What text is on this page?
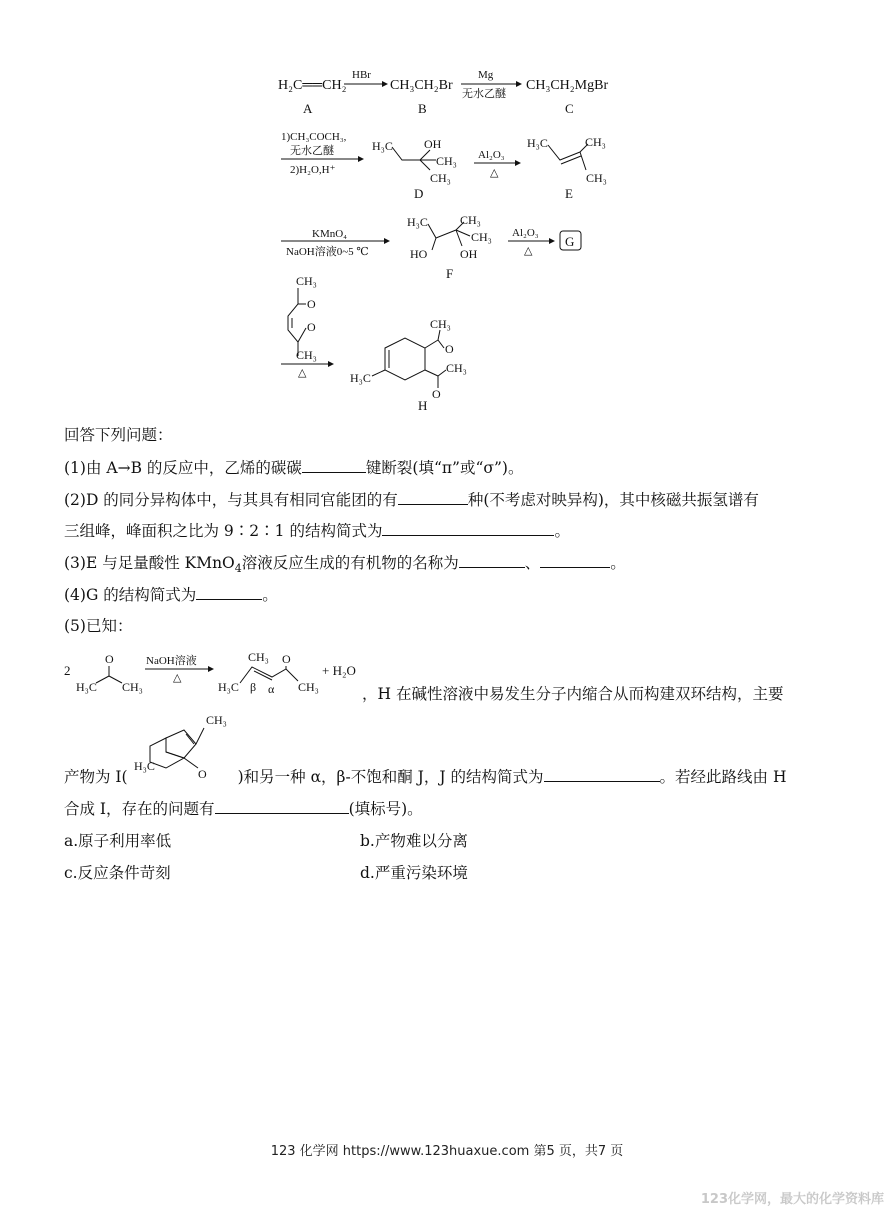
H₂C══CH₂
A
HBr
CH₃CH₂Br
B
Mg
无水乙醚
CH₃CH₂MgBr
C
1)CH₃COCH₃,
无水乙醚
2)H₂O,H⁺
H₃C	OH
CH₃
CH₃
D
Al₂O₃
△
H₃C	CH₃
CH₃
E
KMnO₄
NaOH溶液0~5 ℃
H₃C	CH₃
CH₃
HO	OH
F
Al₂O₃
△
G
CH₃
O
O
CH₃
△
CH₃
O
CH₃
O
H₃C
H
回答下列问题：
(1)由 A→B 的反应中，乙烯的碳碳	键断裂(填“π”或“σ”)。
(2)D 的同分异构体中，与其具有相同官能团的有	种(不考虑对映异构)，其中核磁共振氢谱有
三组峰，峰面积之比为 9∶2∶1 的结构简式为	。
(3)E 与足量酸性 KMnO$_4$溶液反应生成的有机物的名称为	、	。
(4)G 的结构简式为	。
(5)已知：
2
O
H₃C CH₃
NaOH溶液
△
CH₃ O
H₃C β α CH₃
+ H₂O
，H 在碱性溶液中易发生分子内缩合从而构建双环结构，主要
产物为 I(	)和另一种 α，β-不饱和酮 J，J 的结构简式为	。若经此路线由 H
CH₃
H₃C
O
合成 I，存在的问题有	(填标号)。
a.原子利用率低	b.产物难以分离
c.反应条件苛刻	d.严重污染环境
123 化学网 https://www.123huaxue.com 第5 页，共7 页
123化学网，最大的化学资料库
